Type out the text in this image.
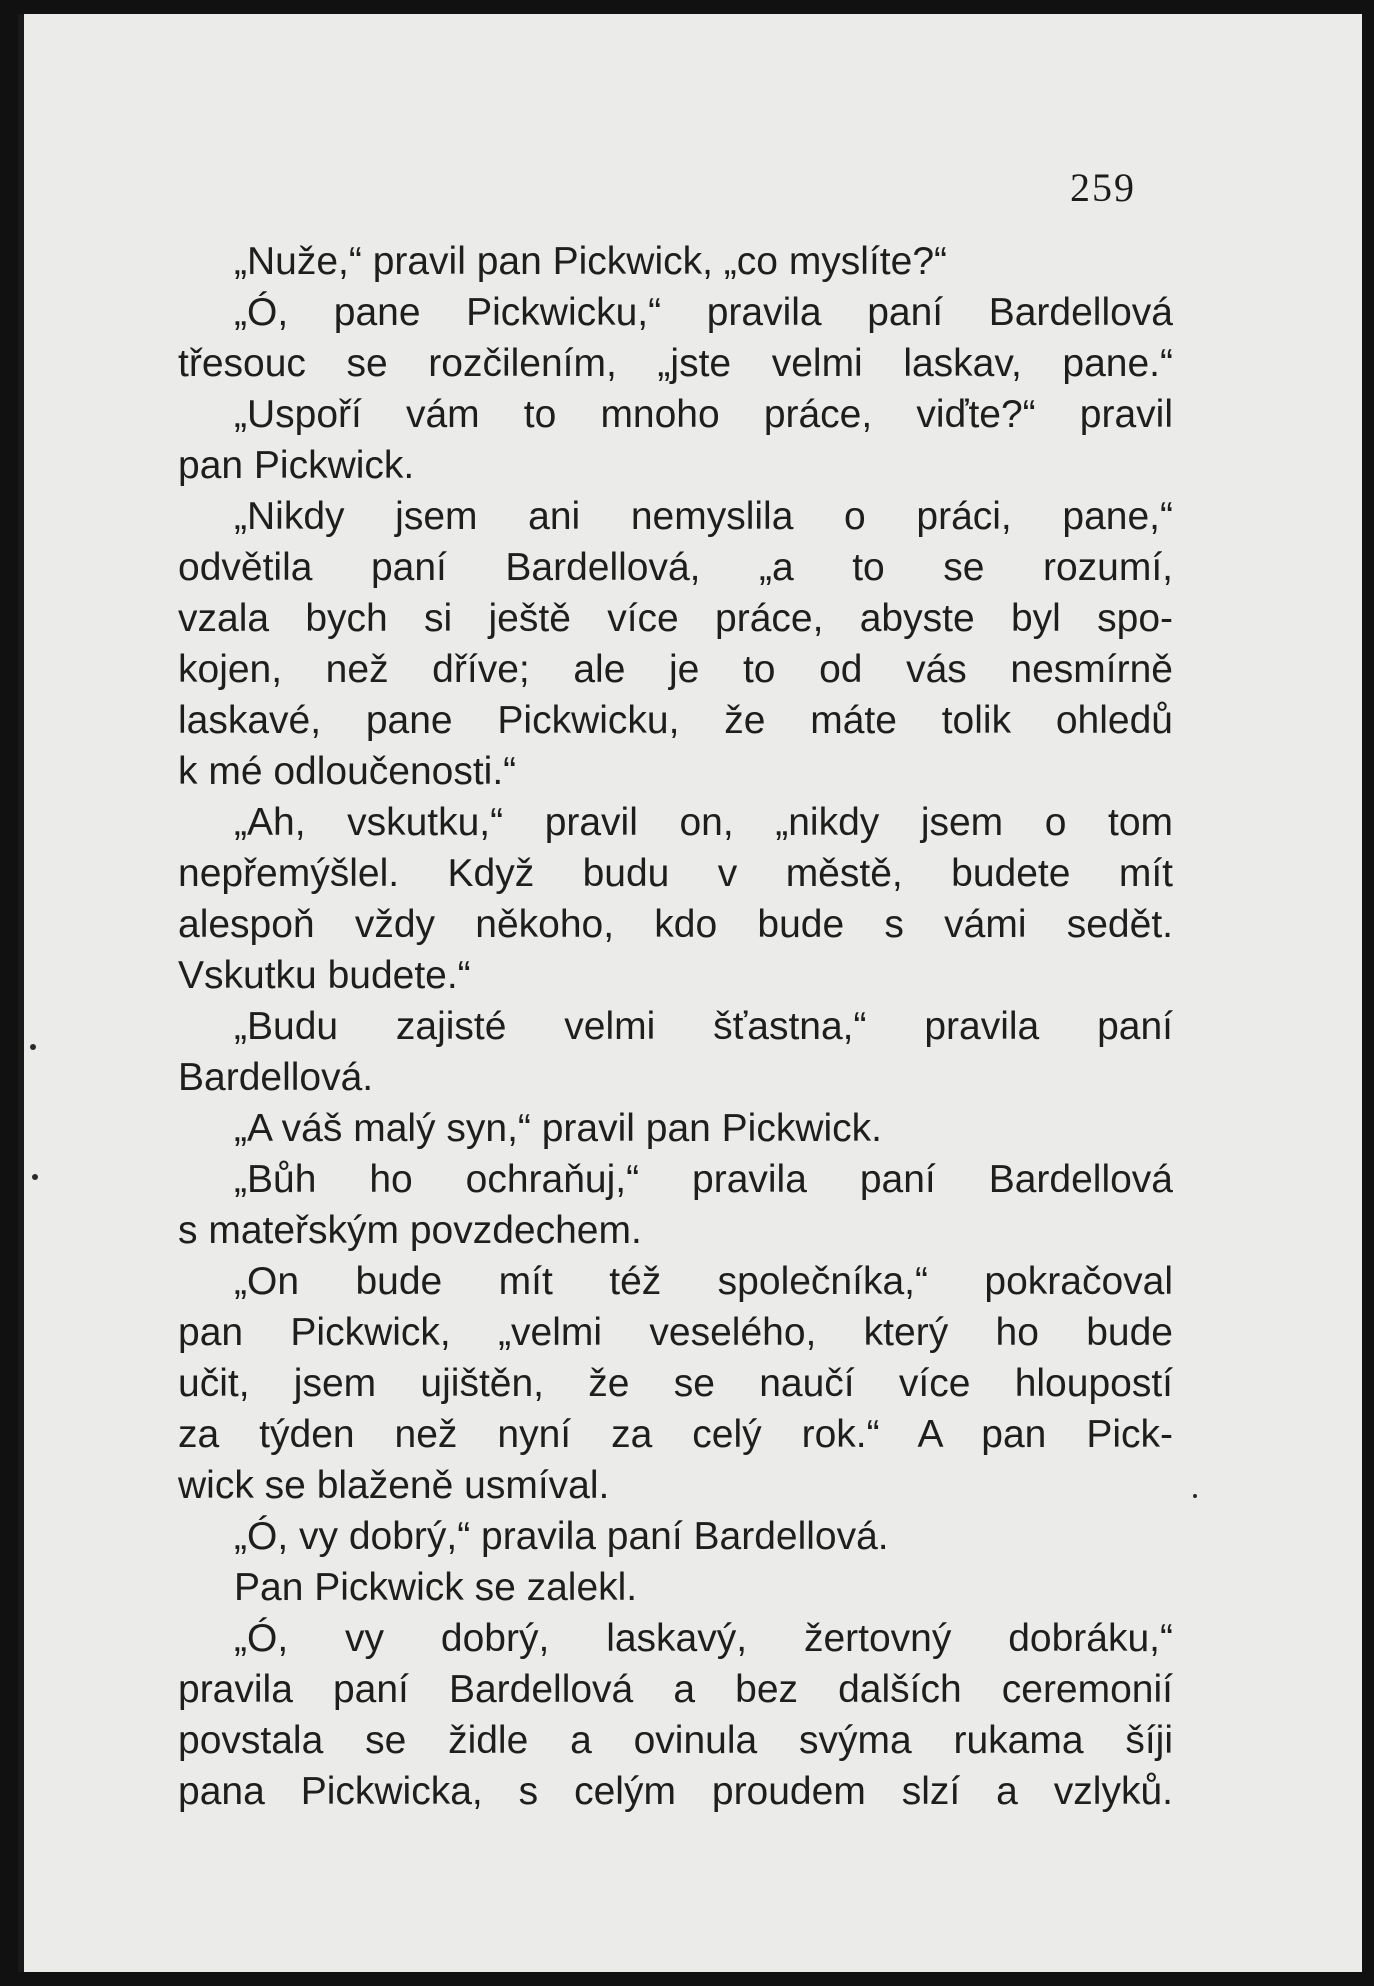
259
„Nuže,“ pravil pan Pickwick, „co myslíte?“
„Ó, pane Pickwicku,“ pravila paní Bardellová
třesouc se rozčilením, „jste velmi laskav, pane.“
„Uspoří vám to mnoho práce, viďte?“ pravil
pan Pickwick.
„Nikdy jsem ani nemyslila o práci, pane,“
odvětila paní Bardellová, „a to se rozumí,
vzala bych si ještě více práce, abyste byl spo-
kojen, než dříve; ale je to od vás nesmírně
laskavé, pane Pickwicku, že máte tolik ohledů
k mé odloučenosti.“
„Ah, vskutku,“ pravil on, „nikdy jsem o tom
nepřemýšlel. Když budu v městě, budete mít
alespoň vždy někoho, kdo bude s vámi sedět.
Vskutku budete.“
„Budu zajisté velmi šťastna,“ pravila paní
Bardellová.
„A váš malý syn,“ pravil pan Pickwick.
„Bůh ho ochraňuj,“ pravila paní Bardellová
s mateřským povzdechem.
„On bude mít též společníka,“ pokračoval
pan Pickwick, „velmi veselého, který ho bude
učit, jsem ujištěn, že se naučí více hloupostí
za týden než nyní za celý rok.“ A pan Pick-
wick se blaženě usmíval.
„Ó, vy dobrý,“ pravila paní Bardellová.
Pan Pickwick se zalekl.
„Ó, vy dobrý, laskavý, žertovný dobráku,“
pravila paní Bardellová a bez dalších ceremonií
povstala se židle a ovinula svýma rukama šíji
pana Pickwicka, s celým proudem slzí a vzlyků.
